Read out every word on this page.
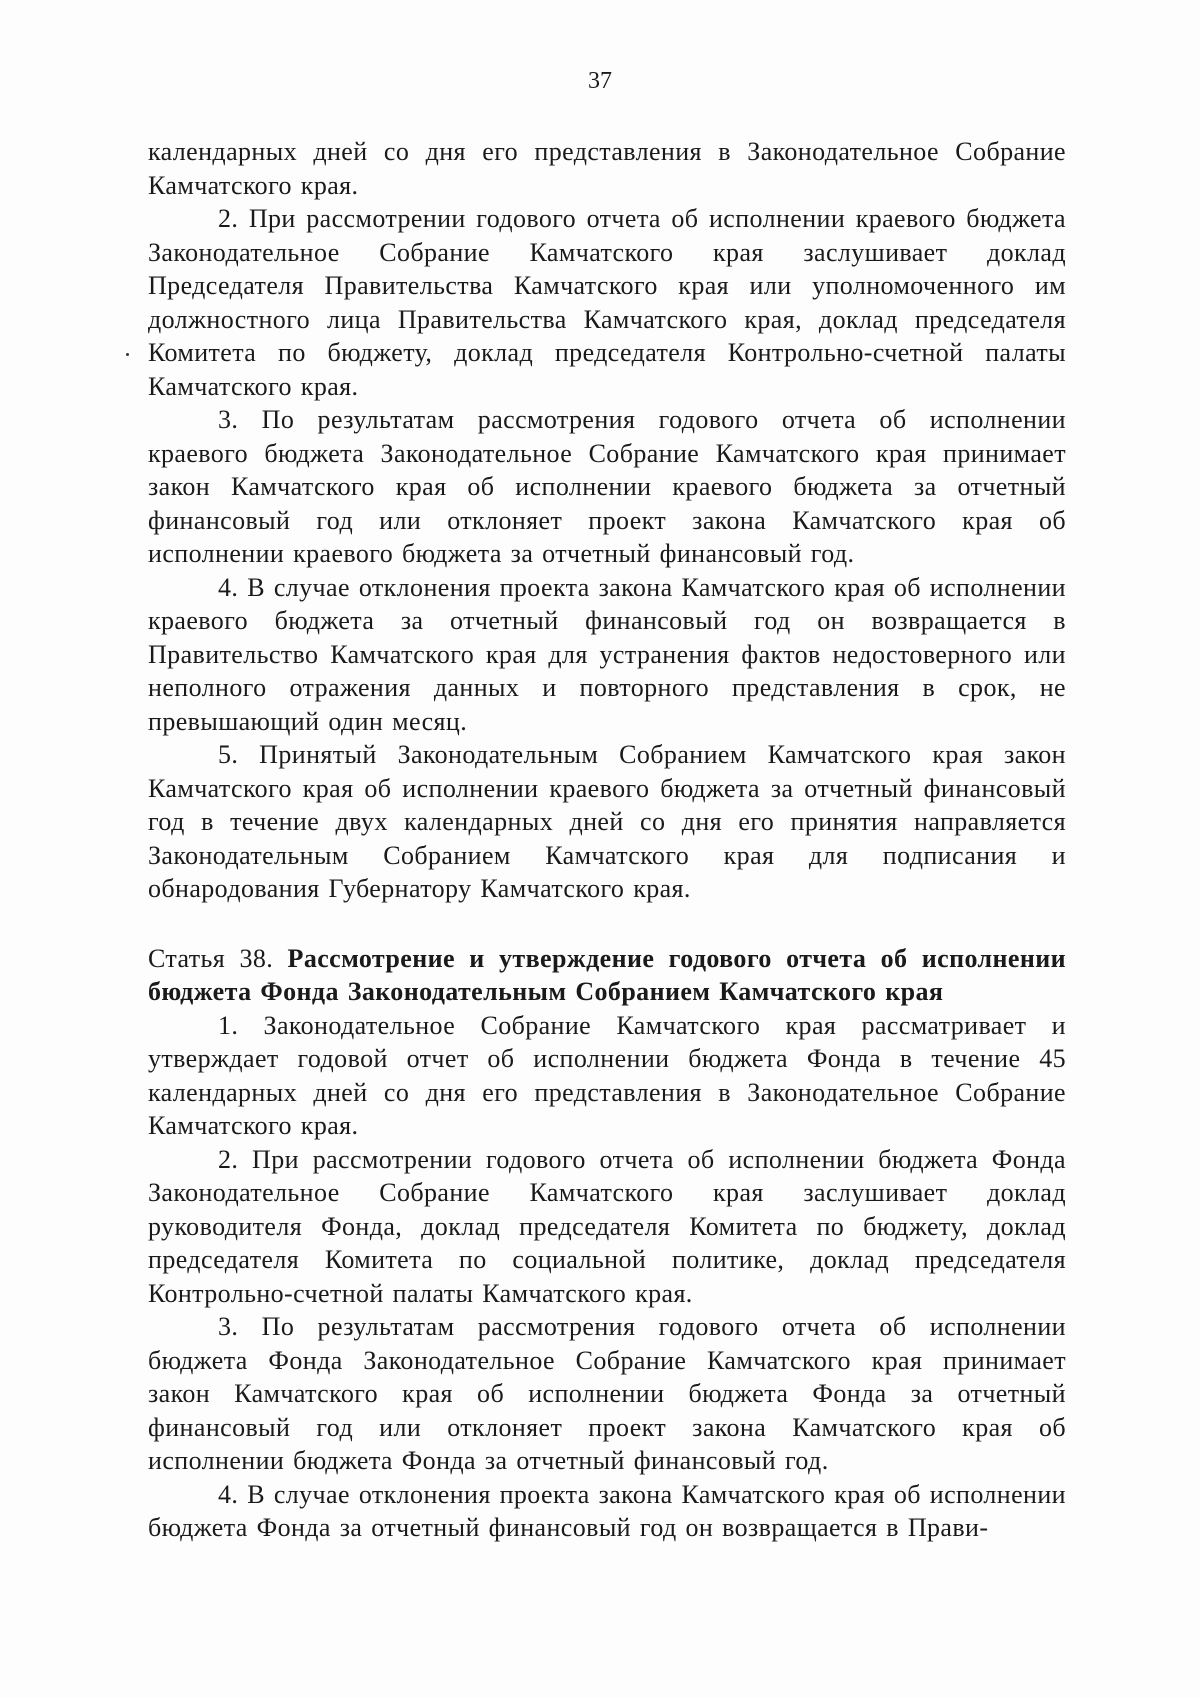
37

календарных дней со дня его представления в Законодательное Собрание Камчатского края.

2. При рассмотрении годового отчета об исполнении краевого бюджета Законодательное Собрание Камчатского края заслушивает доклад Председателя Правительства Камчатского края или уполномоченного им должностного лица Правительства Камчатского края, доклад председателя Комитета по бюджету, доклад председателя Контрольно-счетной палаты Камчатского края.

3. По результатам рассмотрения годового отчета об исполнении краевого бюджета Законодательное Собрание Камчатского края принимает закон Камчатского края об исполнении краевого бюджета за отчетный финансовый год или отклоняет проект закона Камчатского края об исполнении краевого бюджета за отчетный финансовый год.

4. В случае отклонения проекта закона Камчатского края об исполнении краевого бюджета за отчетный финансовый год он возвращается в Правительство Камчатского края для устранения фактов недостоверного или неполного отражения данных и повторного представления в срок, не превышающий один месяц.

5. Принятый Законодательным Собранием Камчатского края закон Камчатского края об исполнении краевого бюджета за отчетный финансовый год в течение двух календарных дней со дня его принятия направляется Законодательным Собранием Камчатского края для подписания и обнародования Губернатору Камчатского края.

Статья 38. Рассмотрение и утверждение годового отчета об исполнении бюджета Фонда Законодательным Собранием Камчатского края

1. Законодательное Собрание Камчатского края рассматривает и утверждает годовой отчет об исполнении бюджета Фонда в течение 45 календарных дней со дня его представления в Законодательное Собрание Камчатского края.

2. При рассмотрении годового отчета об исполнении бюджета Фонда Законодательное Собрание Камчатского края заслушивает доклад руководителя Фонда, доклад председателя Комитета по бюджету, доклад председателя Комитета по социальной политике, доклад председателя Контрольно-счетной палаты Камчатского края.

3. По результатам рассмотрения годового отчета об исполнении бюджета Фонда Законодательное Собрание Камчатского края принимает закон Камчатского края об исполнении бюджета Фонда за отчетный финансовый год или отклоняет проект закона Камчатского края об исполнении бюджета Фонда за отчетный финансовый год.

4. В случае отклонения проекта закона Камчатского края об исполнении бюджета Фонда за отчетный финансовый год он возвращается в Прави-
